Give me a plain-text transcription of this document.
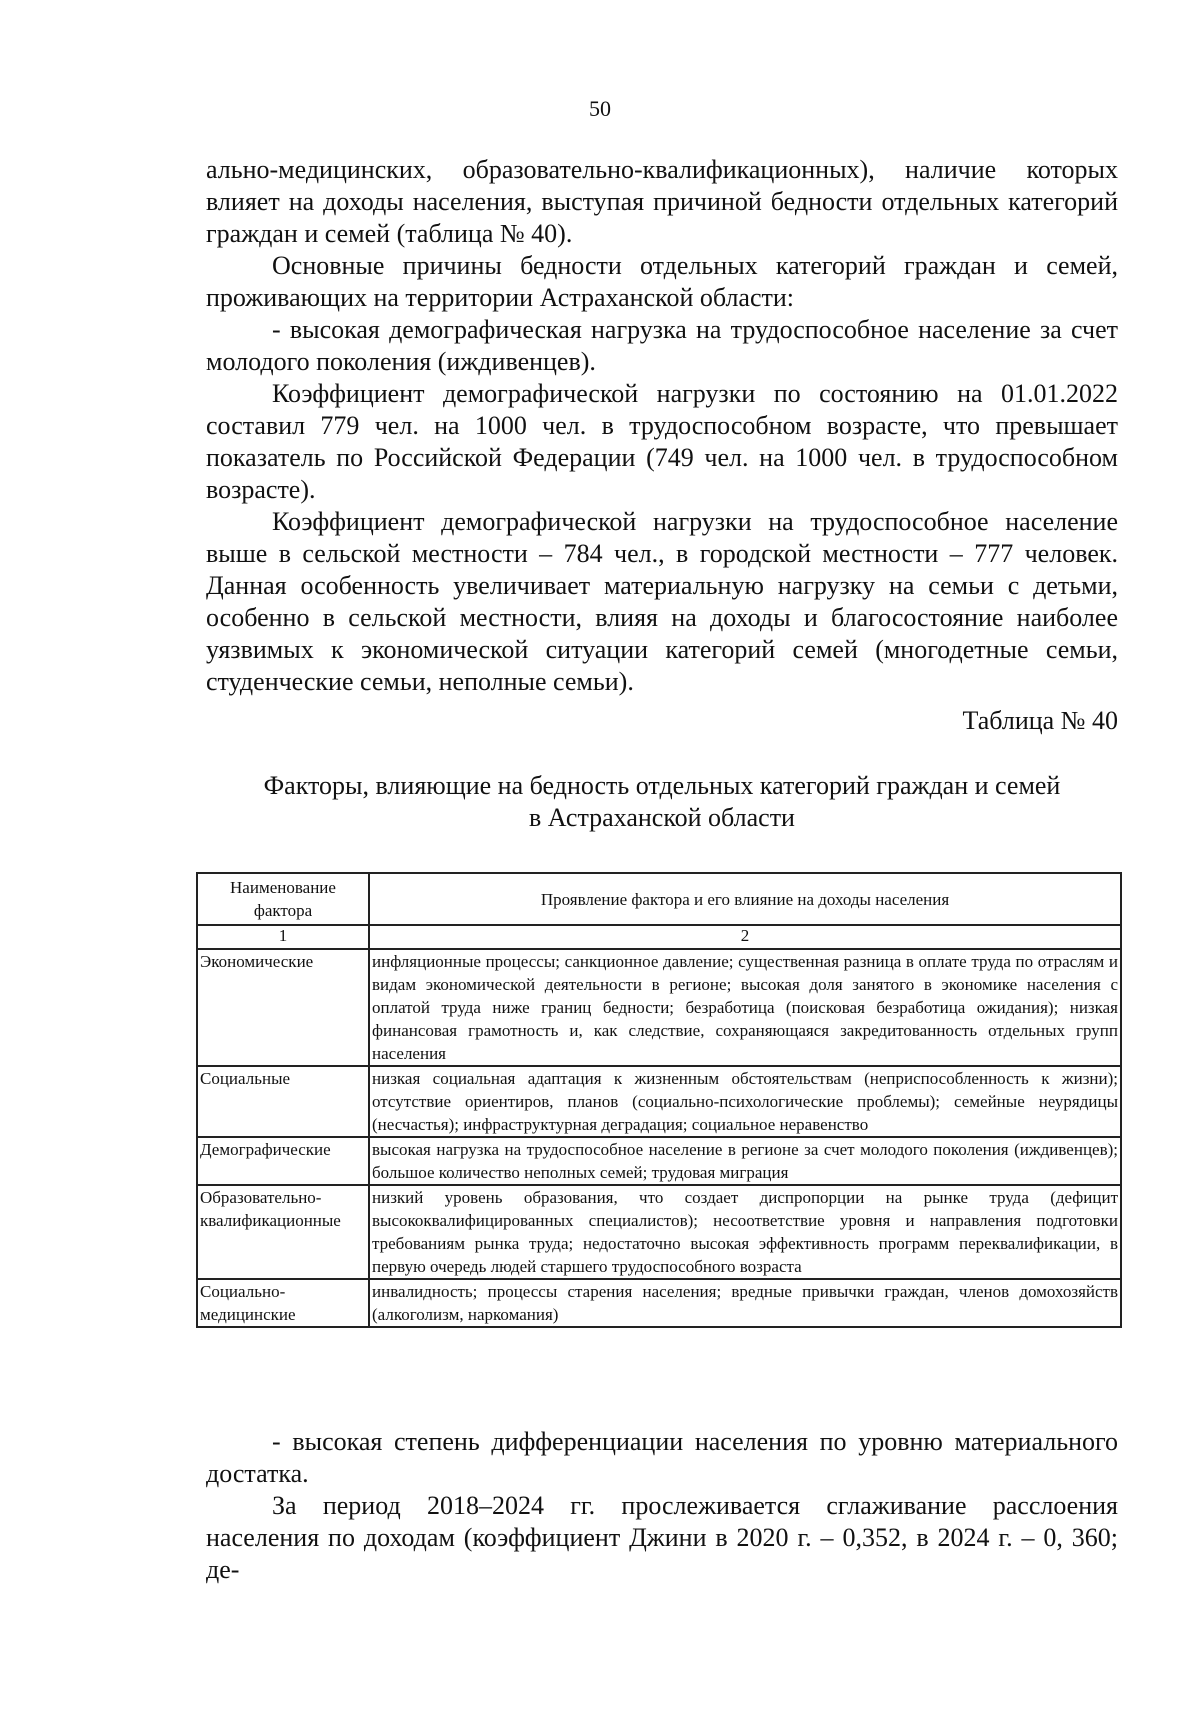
50

ально-медицинских, образовательно-квалификационных), наличие которых влияет на доходы населения, выступая причиной бедности отдельных категорий граждан и семей (таблица № 40).

Основные причины бедности отдельных категорий граждан и семей, проживающих на территории Астраханской области:

- высокая демографическая нагрузка на трудоспособное население за счет молодого поколения (иждивенцев).

Коэффициент демографической нагрузки по состоянию на 01.01.2022 составил 779 чел. на 1000 чел. в трудоспособном возрасте, что превышает показатель по Российской Федерации (749 чел. на 1000 чел. в трудоспособном возрасте).

Коэффициент демографической нагрузки на трудоспособное население выше в сельской местности – 784 чел., в городской местности – 777 человек. Данная особенность увеличивает материальную нагрузку на семьи с детьми, особенно в сельской местности, влияя на доходы и благосостояние наиболее уязвимых к экономической ситуации категорий семей (многодетные семьи, студенческие семьи, неполные семьи).

Таблица № 40
Факторы, влияющие на бедность отдельных категорий граждан и семей
в Астраханской области
Наименование фактора	Проявление фактора и его влияние на доходы населения
1	2
Экономические	инфляционные процессы; санкционное давление; существенная разница в оплате труда по отраслям и видам экономической деятельности в регионе; высокая доля занятого в экономике населения с оплатой труда ниже границ бедности; безработица (поисковая безработица ожидания); низкая финансовая грамотность и, как следствие, сохраняющаяся закредитованность отдельных групп населения
Социальные	низкая социальная адаптация к жизненным обстоятельствам (неприспособленность к жизни); отсутствие ориентиров, планов (социально-психологические проблемы); семейные неурядицы (несчастья); инфраструктурная деградация; социальное неравенство
Демографические	высокая нагрузка на трудоспособное население в регионе за счет молодого поколения (иждивенцев); большое количество неполных семей; трудовая миграция
Образовательно-квалификационные	низкий уровень образования, что создает диспропорции на рынке труда (дефицит высококвалифицированных специалистов); несоответствие уровня и направления подготовки требованиям рынка труда; недостаточно высокая эффективность программ переквалификации, в первую очередь людей старшего трудоспособного возраста
Социально-медицинские	инвалидность; процессы старения населения; вредные привычки граждан, членов домохозяйств (алкоголизм, наркомания)

- высокая степень дифференциации населения по уровню материального достатка.

За период 2018–2024 гг. прослеживается сглаживание расслоения населения по доходам (коэффициент Джини в 2020 г. – 0,352, в 2024 г. – 0, 360; де-
